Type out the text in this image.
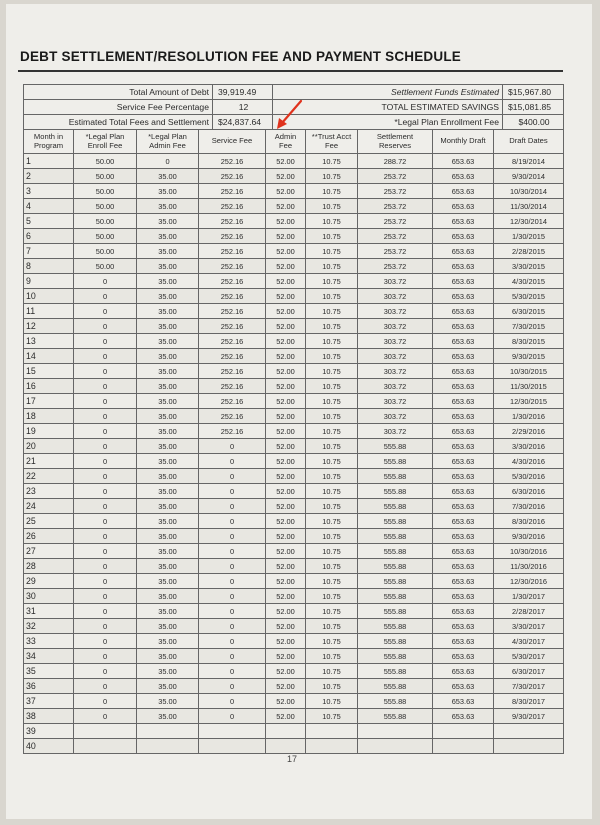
DEBT SETTLEMENT/RESOLUTION FEE AND PAYMENT SCHEDULE
Total Amount of Debt	39,919.49	Settlement Funds Estimated	$15,967.80
Service Fee Percentage	12	TOTAL ESTIMATED SAVINGS	$15,081.85
Estimated Total Fees and Settlement	$24,837.64	*Legal Plan Enrollment Fee	$400.00
Month in Program	*Legal Plan Enroll Fee	*Legal Plan Admin Fee	Service Fee	Admin Fee	**Trust Acct Fee	Settlement Reserves	Monthly Draft	Draft Dates
1	50.00	0	252.16	52.00	10.75	288.72	653.63	8/19/2014
2	50.00	35.00	252.16	52.00	10.75	253.72	653.63	9/30/2014
3	50.00	35.00	252.16	52.00	10.75	253.72	653.63	10/30/2014
4	50.00	35.00	252.16	52.00	10.75	253.72	653.63	11/30/2014
5	50.00	35.00	252.16	52.00	10.75	253.72	653.63	12/30/2014
6	50.00	35.00	252.16	52.00	10.75	253.72	653.63	1/30/2015
7	50.00	35.00	252.16	52.00	10.75	253.72	653.63	2/28/2015
8	50.00	35.00	252.16	52.00	10.75	253.72	653.63	3/30/2015
9	0	35.00	252.16	52.00	10.75	303.72	653.63	4/30/2015
10	0	35.00	252.16	52.00	10.75	303.72	653.63	5/30/2015
11	0	35.00	252.16	52.00	10.75	303.72	653.63	6/30/2015
12	0	35.00	252.16	52.00	10.75	303.72	653.63	7/30/2015
13	0	35.00	252.16	52.00	10.75	303.72	653.63	8/30/2015
14	0	35.00	252.16	52.00	10.75	303.72	653.63	9/30/2015
15	0	35.00	252.16	52.00	10.75	303.72	653.63	10/30/2015
16	0	35.00	252.16	52.00	10.75	303.72	653.63	11/30/2015
17	0	35.00	252.16	52.00	10.75	303.72	653.63	12/30/2015
18	0	35.00	252.16	52.00	10.75	303.72	653.63	1/30/2016
19	0	35.00	252.16	52.00	10.75	303.72	653.63	2/29/2016
20	0	35.00	0	52.00	10.75	555.88	653.63	3/30/2016
21	0	35.00	0	52.00	10.75	555.88	653.63	4/30/2016
22	0	35.00	0	52.00	10.75	555.88	653.63	5/30/2016
23	0	35.00	0	52.00	10.75	555.88	653.63	6/30/2016
24	0	35.00	0	52.00	10.75	555.88	653.63	7/30/2016
25	0	35.00	0	52.00	10.75	555.88	653.63	8/30/2016
26	0	35.00	0	52.00	10.75	555.88	653.63	9/30/2016
27	0	35.00	0	52.00	10.75	555.88	653.63	10/30/2016
28	0	35.00	0	52.00	10.75	555.88	653.63	11/30/2016
29	0	35.00	0	52.00	10.75	555.88	653.63	12/30/2016
30	0	35.00	0	52.00	10.75	555.88	653.63	1/30/2017
31	0	35.00	0	52.00	10.75	555.88	653.63	2/28/2017
32	0	35.00	0	52.00	10.75	555.88	653.63	3/30/2017
33	0	35.00	0	52.00	10.75	555.88	653.63	4/30/2017
34	0	35.00	0	52.00	10.75	555.88	653.63	5/30/2017
35	0	35.00	0	52.00	10.75	555.88	653.63	6/30/2017
36	0	35.00	0	52.00	10.75	555.88	653.63	7/30/2017
37	0	35.00	0	52.00	10.75	555.88	653.63	8/30/2017
38	0	35.00	0	52.00	10.75	555.88	653.63	9/30/2017
39								
40								
17
